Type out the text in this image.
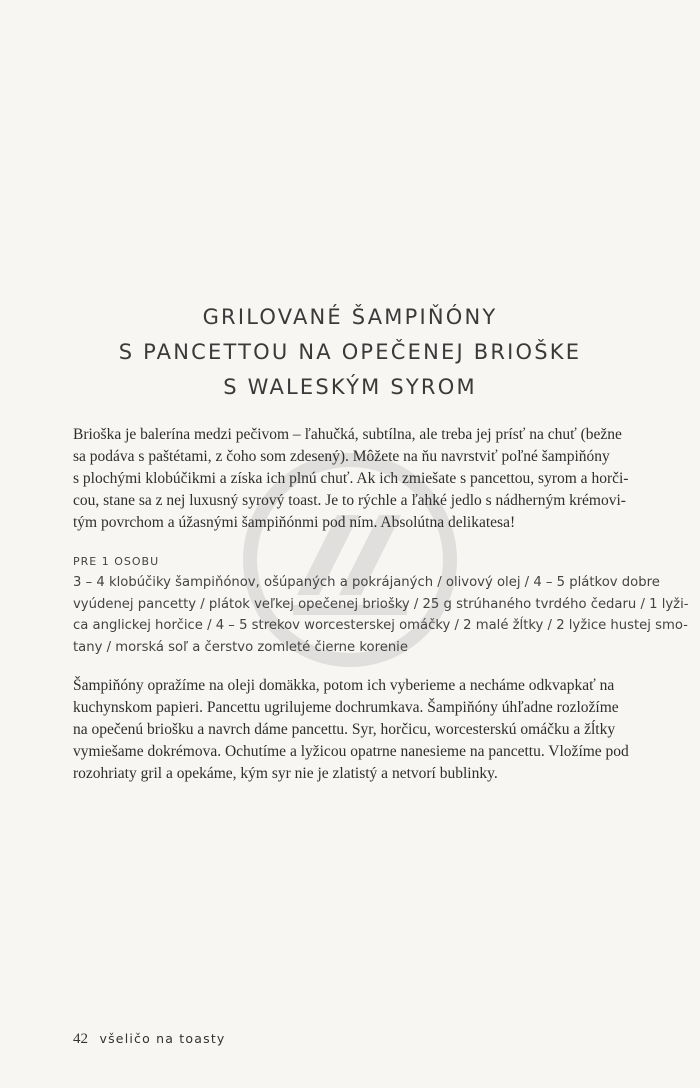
GRILOVANÉ ŠAMPIŇÓNY
S PANCETTOU NA OPEČENEJ BRIOŠKE
S WALESKÝM SYROM

Brioška je balerína medzi pečivom – ľahučká, subtílna, ale treba jej prísť na chuť (bežne
sa podáva s paštétami, z čoho som zdesený). Môžete na ňu navrstviť poľné šampiňóny
s plochými klobúčikmi a získa ich plnú chuť. Ak ich zmiešate s pancettou, syrom a horči-
cou, stane sa z nej luxusný syrový toast. Je to rýchle a ľahké jedlo s nádherným krémovi-
tým povrchom a úžasnými šampiňónmi pod ním. Absolútna delikatesa!

PRE 1 OSOBU

3 – 4 klobúčiky šampiňónov, ošúpaných a pokrájaných / olivový olej / 4 – 5 plátkov dobre
vyúdenej pancetty / plátok veľkej opečenej briošky / 25 g strúhaného tvrdého čedaru / 1 lyži-
ca anglickej horčice / 4 – 5 strekov worcesterskej omáčky / 2 malé žĺtky / 2 lyžice hustej smo-
tany / morská soľ a čerstvo zomleté čierne korenie

Šampiňóny opražíme na oleji domäkka, potom ich vyberieme a necháme odkvapkať na
kuchynskom papieri. Pancettu ugrilujeme dochrumkava. Šampiňóny úhľadne rozložíme
na opečenú briošku a navrch dáme pancettu. Syr, horčicu, worcesterskú omáčku a žĺtky
vymiešame dokrémova. Ochutíme a lyžicou opatrne nanesieme na pancettu. Vložíme pod
rozohriaty gril a opekáme, kým syr nie je zlatistý a netvorí bublinky.

42 všeličo na toasty
